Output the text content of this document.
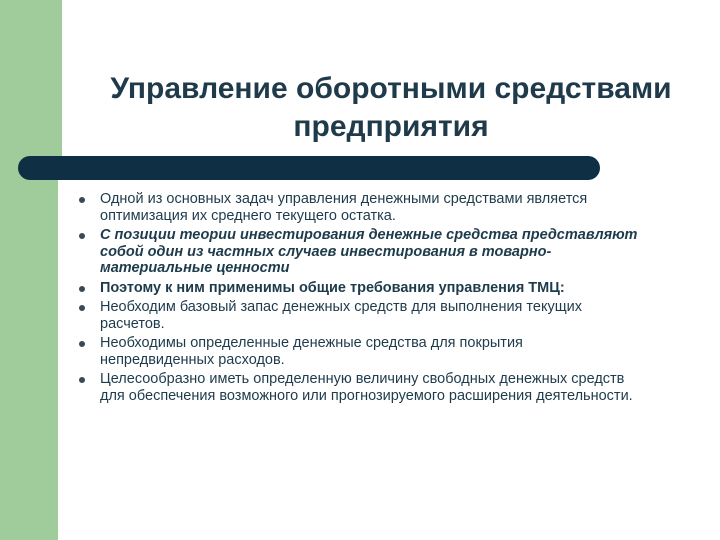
Управление оборотными средствами
предприятия
Одной из основных задач управления денежными средствами является оптимизация их среднего текущего остатка.
С позиции теории инвестирования денежные средства представляют собой один из частных случаев инвестирования в товарно-материальные ценности
Поэтому к ним применимы общие требования управления ТМЦ:
Необходим базовый запас денежных средств для выполнения текущих расчетов.
Необходимы определенные денежные средства для покрытия непредвиденных расходов.
Целесообразно иметь определенную величину свободных денежных средств для обеспечения возможного или прогнозируемого расширения деятельности.
